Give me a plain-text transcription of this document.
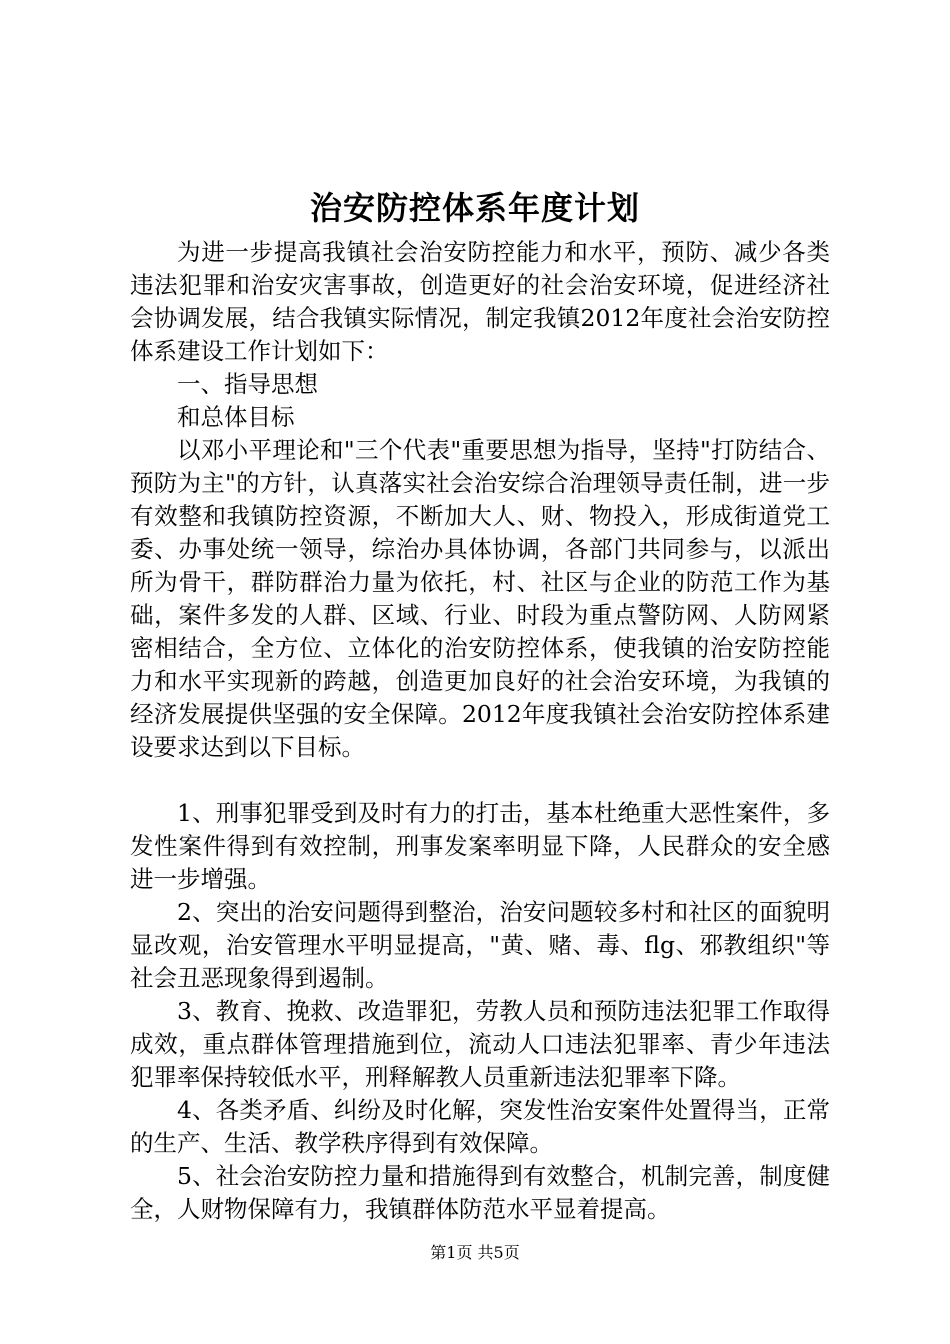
治安防控体系年度计划

为进一步提高我镇社会治安防控能力和水平，预防、减少各类违法犯罪和治安灾害事故，创造更好的社会治安环境，促进经济社会协调发展，结合我镇实际情况，制定我镇2012年度社会治安防控体系建设工作计划如下：

一、指导思想

和总体目标

以邓小平理论和"三个代表"重要思想为指导，坚持"打防结合、预防为主"的方针，认真落实社会治安综合治理领导责任制，进一步有效整和我镇防控资源，不断加大人、财、物投入，形成街道党工委、办事处统一领导，综治办具体协调，各部门共同参与，以派出所为骨干，群防群治力量为依托，村、社区与企业的防范工作为基础，案件多发的人群、区域、行业、时段为重点警防网、人防网紧密相结合，全方位、立体化的治安防控体系，使我镇的治安防控能力和水平实现新的跨越，创造更加良好的社会治安环境，为我镇的经济发展提供坚强的安全保障。2012年度我镇社会治安防控体系建设要求达到以下目标。

1、刑事犯罪受到及时有力的打击，基本杜绝重大恶性案件，多发性案件得到有效控制，刑事发案率明显下降，人民群众的安全感进一步增强。

2、突出的治安问题得到整治，治安问题较多村和社区的面貌明显改观，治安管理水平明显提高，"黄、赌、毒、flg、邪教组织"等社会丑恶现象得到遏制。

3、教育、挽救、改造罪犯，劳教人员和预防违法犯罪工作取得成效，重点群体管理措施到位，流动人口违法犯罪率、青少年违法犯罪率保持较低水平，刑释解教人员重新违法犯罪率下降。

4、各类矛盾、纠纷及时化解，突发性治安案件处置得当，正常的生产、生活、教学秩序得到有效保障。

5、社会治安防控力量和措施得到有效整合，机制完善，制度健全，人财物保障有力，我镇群体防范水平显着提高。

第1页 共5页
